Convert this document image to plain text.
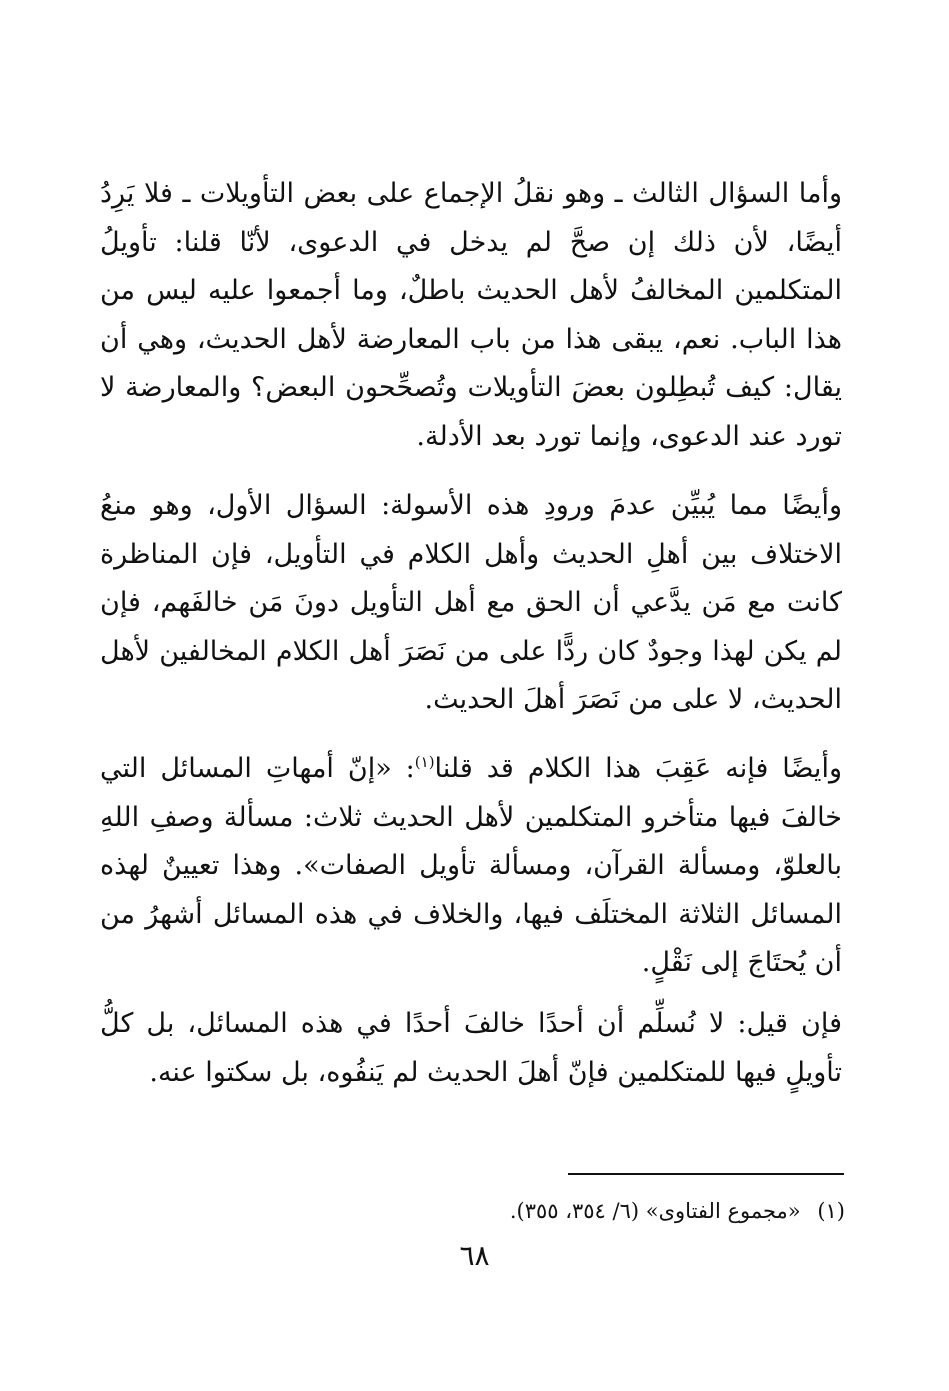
وأما السؤال الثالث ـ وهو نقلُ الإجماع على بعض التأويلات ـ فلا يَرِدُ أيضًا، لأن ذلك إن صحَّ لم يدخل في الدعوى، لأنّا قلنا: تأويلُ المتكلمين المخالفُ لأهل الحديث باطلٌ، وما أجمعوا عليه ليس من هذا الباب. نعم، يبقى هذا من باب المعارضة لأهل الحديث، وهي أن يقال: كيف تُبطِلون بعضَ التأويلات وتُصحِّحون البعض؟ والمعارضة لا تورد عند الدعوى، وإنما تورد بعد الأدلة.

وأيضًا مما يُبيِّن عدمَ ورودِ هذه الأسولة: السؤال الأول، وهو منعُ الاختلاف بين أهلِ الحديث وأهل الكلام في التأويل، فإن المناظرة كانت مع مَن يدَّعي أن الحق مع أهل التأويل دونَ مَن خالفَهم، فإن لم يكن لهذا وجودٌ كان ردًّا على من نَصَرَ أهل الكلام المخالفين لأهل الحديث، لا على من نَصَرَ أهلَ الحديث.

وأيضًا فإنه عَقِبَ هذا الكلام قد قلنا$^{(١)}$: «إنّ أمهاتِ المسائل التي خالفَ فيها متأخرو المتكلمين لأهل الحديث ثلاث: مسألة وصفِ اللهِ بالعلوّ، ومسألة القرآن، ومسألة تأويل الصفات». وهذا تعيينٌ لهذه المسائل الثلاثة المختلَف فيها، والخلاف في هذه المسائل أشهرُ من أن يُحتَاجَ إلى نَقْلٍ.

فإن قيل: لا نُسلِّم أن أحدًا خالفَ أحدًا في هذه المسائل، بل كلُّ تأويلٍ فيها للمتكلمين فإنّ أهلَ الحديث لم يَنفُوه، بل سكتوا عنه.

(١) «مجموع الفتاوى» (٦/ ٣٥٤، ٣٥٥).
٦٨
